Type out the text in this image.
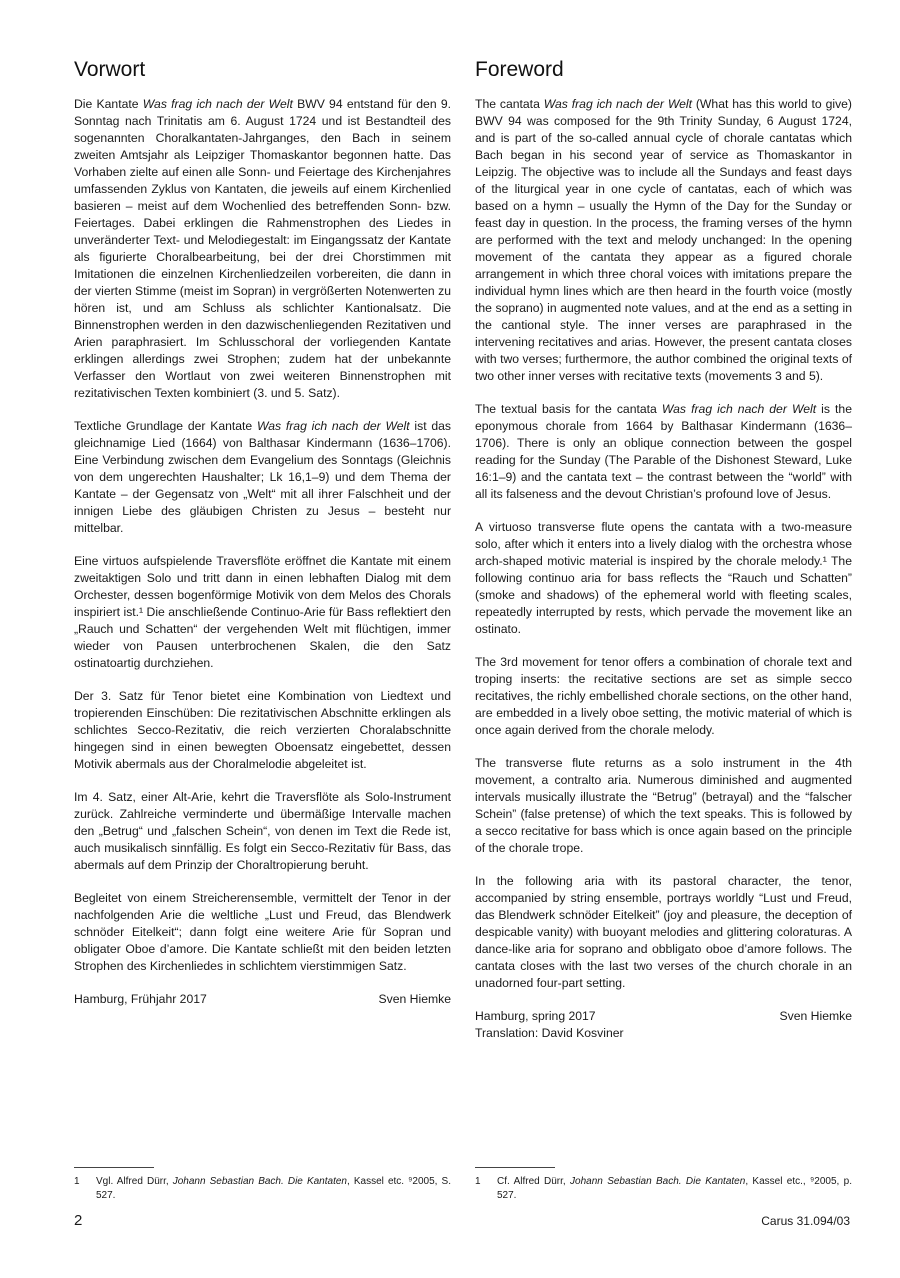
Vorwort

Die Kantate Was frag ich nach der Welt BWV 94 entstand für den 9. Sonntag nach Trinitatis am 6. August 1724 und ist Bestandteil des sogenannten Choralkantaten-Jahrganges, den Bach in seinem zweiten Amtsjahr als Leipziger Thomaskantor begonnen hatte. Das Vorhaben zielte auf einen alle Sonn- und Feiertage des Kirchenjahres umfassenden Zyklus von Kantaten, die jeweils auf einem Kirchenlied basieren – meist auf dem Wochenlied des betreffenden Sonn- bzw. Feiertages. Dabei erklingen die Rahmenstrophen des Liedes in unveränderter Text- und Melodiegestalt: im Eingangssatz der Kantate als figurierte Choralbearbeitung, bei der drei Chorstimmen mit Imitationen die einzelnen Kirchenliedzeilen vorbereiten, die dann in der vierten Stimme (meist im Sopran) in vergrößerten Notenwerten zu hören ist, und am Schluss als schlichter Kantionalsatz. Die Binnenstrophen werden in den dazwischenliegenden Rezitativen und Arien paraphrasiert. Im Schlusschoral der vorliegenden Kantate erklingen allerdings zwei Strophen; zudem hat der unbekannte Verfasser den Wortlaut von zwei weiteren Binnenstrophen mit rezitativischen Texten kombiniert (3. und 5. Satz).

Textliche Grundlage der Kantate Was frag ich nach der Welt ist das gleichnamige Lied (1664) von Balthasar Kindermann (1636–1706). Eine Verbindung zwischen dem Evangelium des Sonntags (Gleichnis von dem ungerechten Haushalter; Lk 16,1–9) und dem Thema der Kantate – der Gegensatz von „Welt“ mit all ihrer Falschheit und der innigen Liebe des gläubigen Christen zu Jesus – besteht nur mittelbar.

Eine virtuos aufspielende Traversflöte eröffnet die Kantate mit einem zweitaktigen Solo und tritt dann in einen lebhaften Dialog mit dem Orchester, dessen bogenförmige Motivik von dem Melos des Chorals inspiriert ist.¹ Die anschließende Continuo-Arie für Bass reflektiert den „Rauch und Schatten“ der vergehenden Welt mit flüchtigen, immer wieder von Pausen unterbrochenen Skalen, die den Satz ostinatoartig durchziehen.

Der 3. Satz für Tenor bietet eine Kombination von Liedtext und tropierenden Einschüben: Die rezitativischen Abschnitte erklingen als schlichtes Secco-Rezitativ, die reich verzierten Choralabschnitte hingegen sind in einen bewegten Oboensatz eingebettet, dessen Motivik abermals aus der Choralmelodie abgeleitet ist.

Im 4. Satz, einer Alt-Arie, kehrt die Traversflöte als Solo-Instrument zurück. Zahlreiche verminderte und übermäßige Intervalle machen den „Betrug“ und „falschen Schein“, von denen im Text die Rede ist, auch musikalisch sinnfällig. Es folgt ein Secco-Rezitativ für Bass, das abermals auf dem Prinzip der Choraltropierung beruht.

Begleitet von einem Streicherensemble, vermittelt der Tenor in der nachfolgenden Arie die weltliche „Lust und Freud, das Blendwerk schnöder Eitelkeit“; dann folgt eine weitere Arie für Sopran und obligater Oboe d’amore. Die Kantate schließt mit den beiden letzten Strophen des Kirchenliedes in schlichtem vierstimmigen Satz.

Hamburg, Frühjahr 2017	Sven Hiemke
Foreword

The cantata Was frag ich nach der Welt (What has this world to give) BWV 94 was composed for the 9th Trinity Sunday, 6 August 1724, and is part of the so-called annual cycle of chorale cantatas which Bach began in his second year of service as Thomaskantor in Leipzig. The objective was to include all the Sundays and feast days of the liturgical year in one cycle of cantatas, each of which was based on a hymn – usually the Hymn of the Day for the Sunday or feast day in question. In the process, the framing verses of the hymn are performed with the text and melody unchanged: In the opening movement of the cantata they appear as a figured chorale arrangement in which three choral voices with imitations prepare the individual hymn lines which are then heard in the fourth voice (mostly the soprano) in augmented note values, and at the end as a setting in the cantional style. The inner verses are paraphrased in the intervening recitatives and arias. However, the present cantata closes with two verses; furthermore, the author combined the original texts of two other inner verses with recitative texts (movements 3 and 5).

The textual basis for the cantata Was frag ich nach der Welt is the eponymous chorale from 1664 by Balthasar Kindermann (1636–1706). There is only an oblique connection between the gospel reading for the Sunday (The Parable of the Dishonest Steward, Luke 16:1–9) and the cantata text – the contrast between the “world” with all its falseness and the devout Christian’s profound love of Jesus.

A virtuoso transverse flute opens the cantata with a two-measure solo, after which it enters into a lively dialog with the orchestra whose arch-shaped motivic material is inspired by the chorale melody.¹ The following continuo aria for bass reflects the “Rauch und Schatten” (smoke and shadows) of the ephemeral world with fleeting scales, repeatedly interrupted by rests, which pervade the movement like an ostinato.

The 3rd movement for tenor offers a combination of chorale text and troping inserts: the recitative sections are set as simple secco recitatives, the richly embellished chorale sections, on the other hand, are embedded in a lively oboe setting, the motivic material of which is once again derived from the chorale melody.

The transverse flute returns as a solo instrument in the 4th movement, a contralto aria. Numerous diminished and augmented intervals musically illustrate the “Betrug” (betrayal) and the “falscher Schein” (false pretense) of which the text speaks. This is followed by a secco recitative for bass which is once again based on the principle of the chorale trope.

In the following aria with its pastoral character, the tenor, accompanied by string ensemble, portrays worldly “Lust und Freud, das Blendwerk schnöder Eitelkeit” (joy and pleasure, the deception of despicable vanity) with buoyant melodies and glittering coloraturas. A dance-like aria for soprano and obbligato oboe d’amore follows. The cantata closes with the last two verses of the church chorale in an unadorned four-part setting.

Hamburg, spring 2017	Sven Hiemke
Translation: David Kosviner
1	Vgl. Alfred Dürr, Johann Sebastian Bach. Die Kantaten, Kassel etc. ⁹2005, S. 527.
1	Cf. Alfred Dürr, Johann Sebastian Bach. Die Kantaten, Kassel etc., ⁹2005, p. 527.
2	Carus 31.094/03
